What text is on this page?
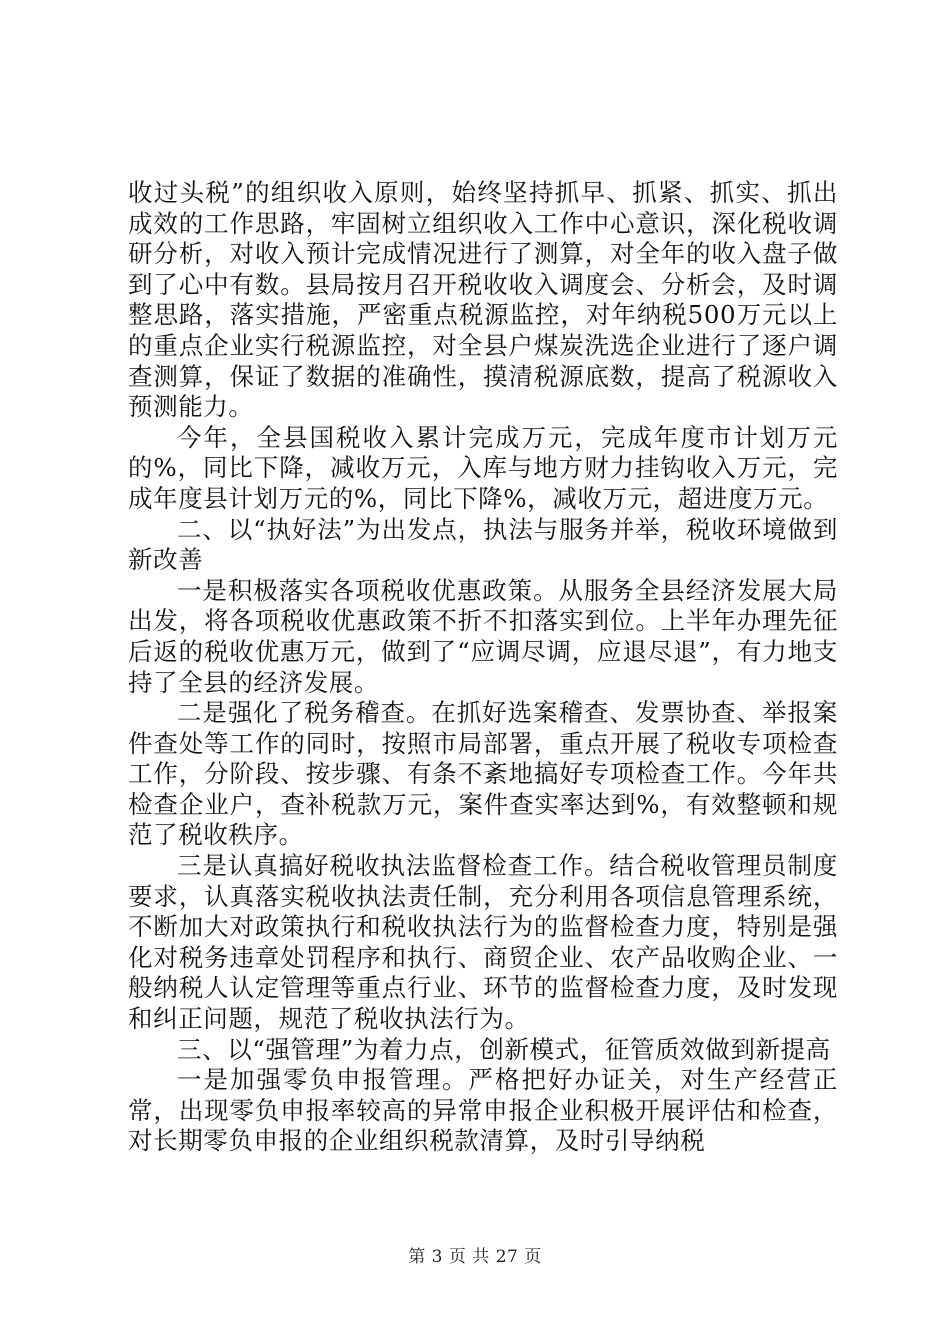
收过头税”的组织收入原则，始终坚持抓早、抓紧、抓实、抓出成效的工作思路，牢固树立组织收入工作中心意识，深化税收调研分析，对收入预计完成情况进行了测算，对全年的收入盘子做到了心中有数。县局按月召开税收收入调度会、分析会，及时调整思路，落实措施，严密重点税源监控，对年纳税500万元以上的重点企业实行税源监控，对全县户煤炭洗选企业进行了逐户调查测算，保证了数据的准确性，摸清税源底数，提高了税源收入预测能力。

今年，全县国税收入累计完成万元，完成年度市计划万元的%，同比下降，减收万元，入库与地方财力挂钩收入万元，完成年度县计划万元的%，同比下降%，减收万元，超进度万元。

二、以“执好法”为出发点，执法与服务并举，税收环境做到新改善

一是积极落实各项税收优惠政策。从服务全县经济发展大局出发，将各项税收优惠政策不折不扣落实到位。上半年办理先征后返的税收优惠万元，做到了“应调尽调，应退尽退”，有力地支持了全县的经济发展。

二是强化了税务稽查。在抓好选案稽查、发票协查、举报案件查处等工作的同时，按照市局部署，重点开展了税收专项检查工作，分阶段、按步骤、有条不紊地搞好专项检查工作。今年共检查企业户，查补税款万元，案件查实率达到%，有效整顿和规范了税收秩序。

三是认真搞好税收执法监督检查工作。结合税收管理员制度要求，认真落实税收执法责任制，充分利用各项信息管理系统，不断加大对政策执行和税收执法行为的监督检查力度，特别是强化对税务违章处罚程序和执行、商贸企业、农产品收购企业、一般纳税人认定管理等重点行业、环节的监督检查力度，及时发现和纠正问题，规范了税收执法行为。

三、以“强管理”为着力点，创新模式，征管质效做到新提高

一是加强零负申报管理。严格把好办证关，对生产经营正常，出现零负申报率较高的异常申报企业积极开展评估和检查，对长期零负申报的企业组织税款清算，及时引导纳税

第 3 页 共 27 页
